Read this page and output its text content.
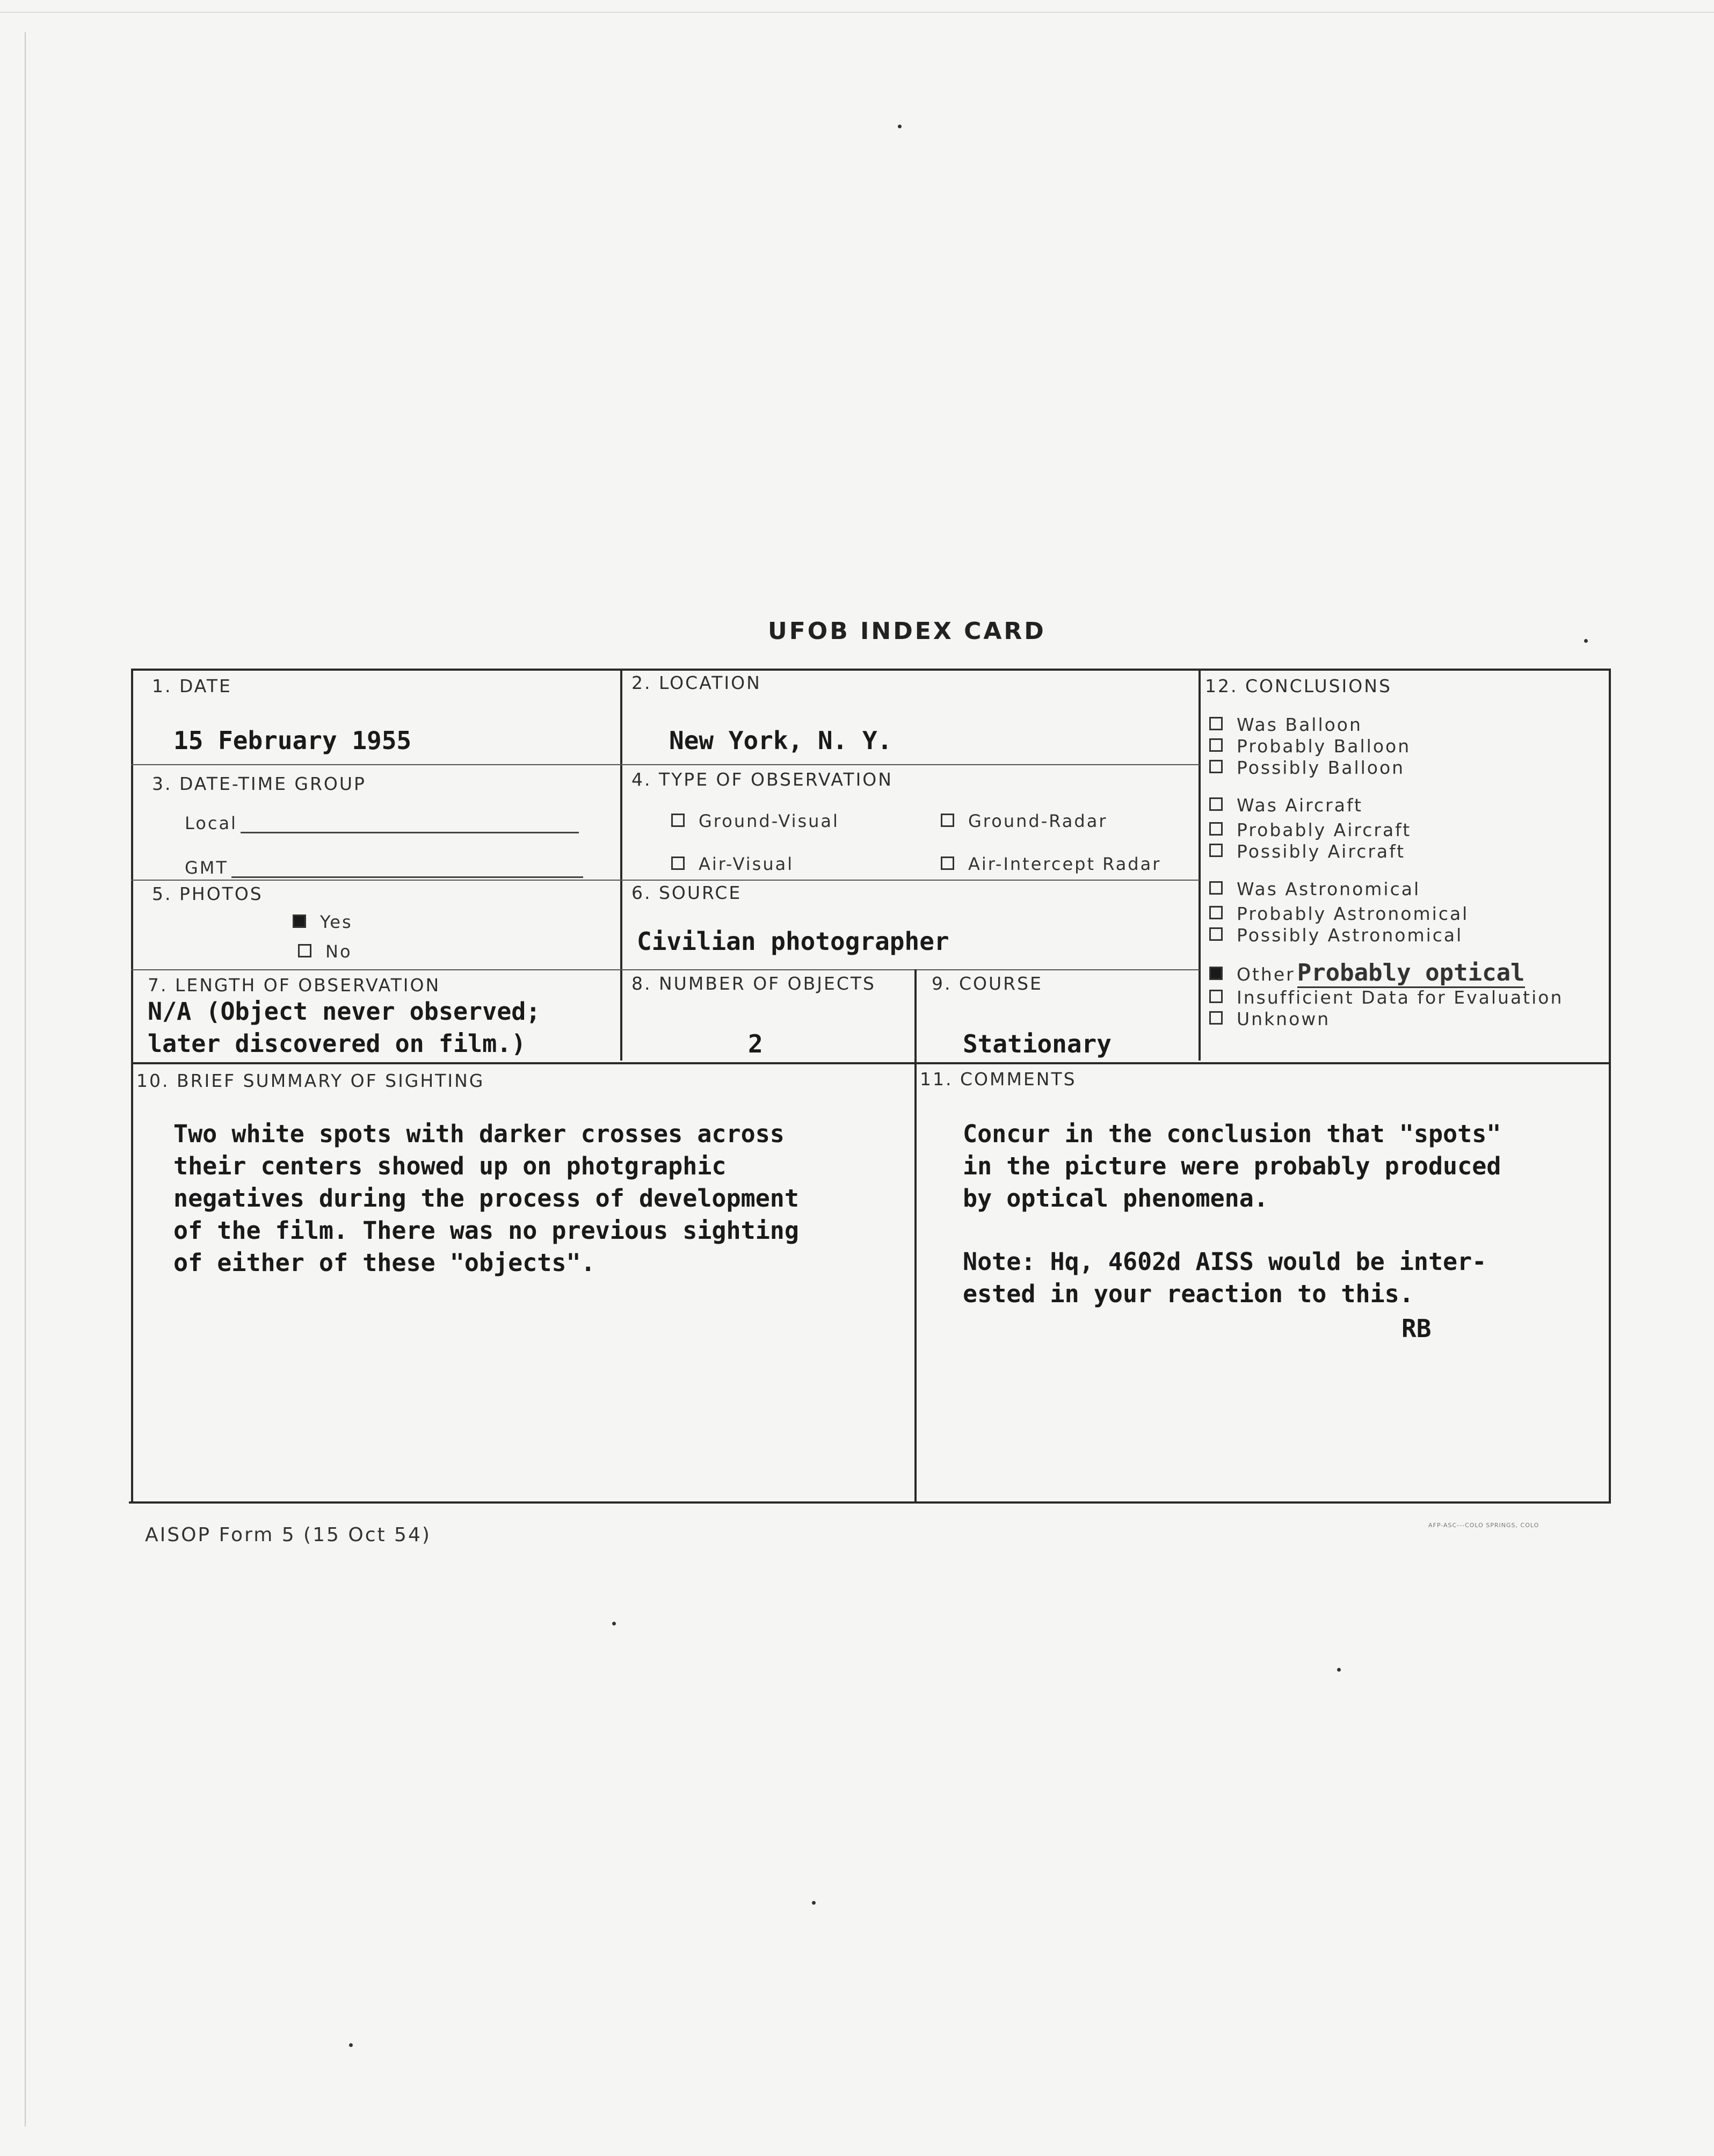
UFOB INDEX CARD
1. DATE
15 February 1955
2. LOCATION
New York, N. Y.
3. DATE-TIME GROUP
Local
GMT
4. TYPE OF OBSERVATION
Ground-Visual	Ground-Radar
Air-Visual	Air-Intercept Radar
5. PHOTOS
Yes
No
6. SOURCE
Civilian photographer
7. LENGTH OF OBSERVATION
N/A (Object never observed;
later discovered on film.)
8. NUMBER OF OBJECTS
2
9. COURSE
Stationary
10. BRIEF SUMMARY OF SIGHTING
Two white spots with darker crosses across
their centers showed up on photgraphic
negatives during the process of development
of the film. There was no previous sighting
of either of these "objects".
11. COMMENTS
Concur in the conclusion that "spots"
in the picture were probably produced
by optical phenomena.
Note: Hq, 4602d AISS would be inter-
ested in your reaction to this.
RB
12. CONCLUSIONS
Was Balloon
Probably Balloon
Possibly Balloon
Was Aircraft
Probably Aircraft
Possibly Aircraft
Was Astronomical
Probably Astronomical
Possibly Astronomical
OtherProbably optical
Insufficient Data for Evaluation
Unknown
AISOP Form 5 (15 Oct 54)	AFP-ASC---COLO SPRINGS, COLO
